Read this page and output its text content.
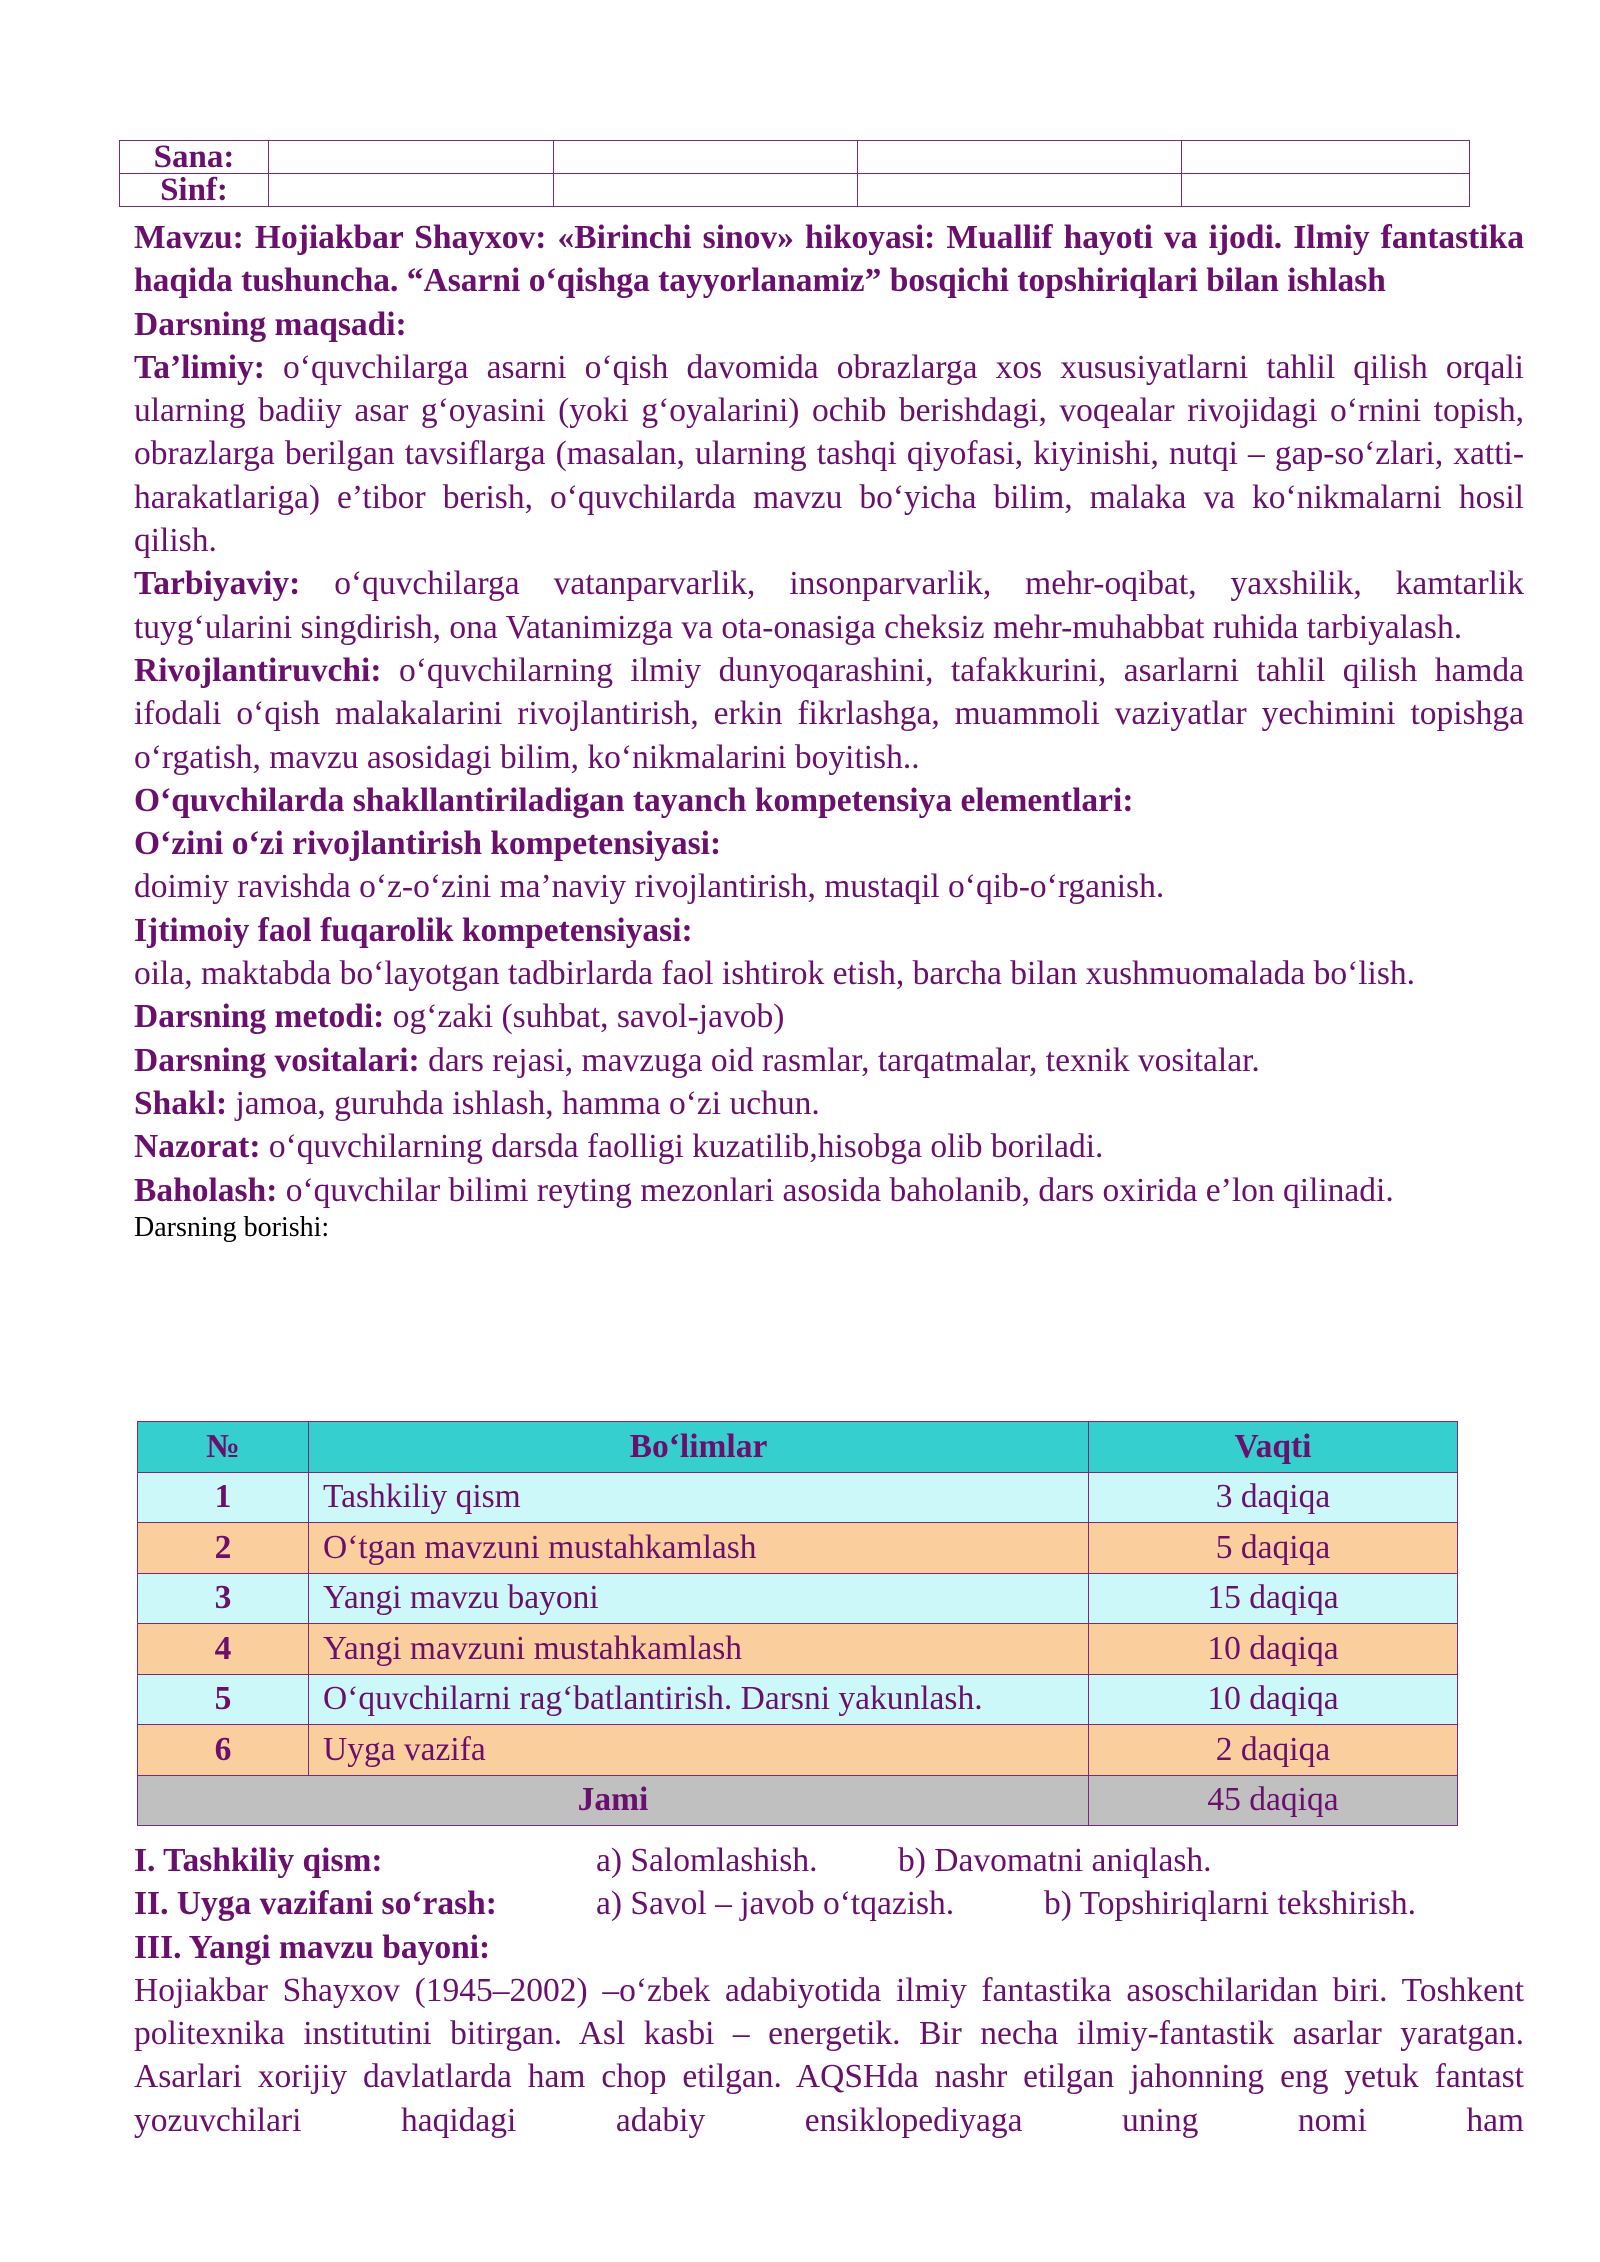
Sana:				
Sinf:				

Mavzu: Hojiakbar Shayxov: «Birinchi sinov» hikoyasi: Muallif hayoti va ijodi. Ilmiy fantastika haqida tushuncha. “Asarni oʻqishga tayyorlanamiz” bosqichi topshiriqlari bilan ishlash

Darsning maqsadi:

Ta’limiy: oʻquvchilarga asarni oʻqish davomida obrazlarga xos xususiyatlarni tahlil qilish orqali ularning badiiy asar gʻoyasini (yoki gʻoyalarini) ochib berishdagi, voqealar rivojidagi oʻrnini topish, obrazlarga berilgan tavsiflarga (masalan, ularning tashqi qiyofasi, kiyinishi, nutqi – gap-soʻzlari, xatti-harakatlariga) e’tibor berish, oʻquvchilarda mavzu boʻyicha bilim, malaka va koʻnikmalarni hosil qilish.

Tarbiyaviy: oʻquvchilarga vatanparvarlik, insonparvarlik, mehr-oqibat, yaxshilik, kamtarlik tuygʻularini singdirish, ona Vatanimizga va ota-onasiga cheksiz mehr-muhabbat ruhida tarbiyalash.

Rivojlantiruvchi: oʻquvchilarning ilmiy dunyoqarashini, tafakkurini, asarlarni tahlil qilish hamda ifodali oʻqish malakalarini rivojlantirish, erkin fikrlashga, muammoli vaziyatlar yechimini topishga oʻrgatish, mavzu asosidagi bilim, koʻnikmalarini boyitish..

Oʻquvchilarda shakllantiriladigan tayanch kompetensiya elementlari:

Oʻzini oʻzi rivojlantirish kompetensiyasi:

doimiy ravishda oʻz-oʻzini ma’naviy rivojlantirish, mustaqil oʻqib-oʻrganish.

Ijtimoiy faol fuqarolik kompetensiyasi:

oila, maktabda boʻlayotgan tadbirlarda faol ishtirok etish, barcha bilan xushmuomalada boʻlish.

Darsning metodi: ogʻzaki (suhbat, savol-javob)

Darsning vositalari: dars rejasi, mavzuga oid rasmlar, tarqatmalar, texnik vositalar.

Shakl: jamoa, guruhda ishlash, hamma oʻzi uchun.

Nazorat: oʻquvchilarning darsda faolligi kuzatilib,hisobga olib boriladi.

Baholash: oʻquvchilar bilimi reyting mezonlari asosida baholanib, dars oxirida e’lon qilinadi.

Darsning borishi:

№	Boʻlimlar	Vaqti
1	Tashkiliy qism	3 daqiqa
2	Oʻtgan mavzuni mustahkamlash	5 daqiqa
3	Yangi mavzu bayoni	15 daqiqa
4	Yangi mavzuni mustahkamlash	10 daqiqa
5	Oʻquvchilarni ragʻbatlantirish. Darsni yakunlash.	10 daqiqa
6	Uyga vazifa	2 daqiqa
Jami		45 daqiqa
I. Tashkiliy qism:	a) Salomlashish.	b) Davomatni aniqlash.
II. Uyga vazifani soʻrash:	a) Savol – javob oʻtqazish.	b) Topshiriqlarni tekshirish.

III. Yangi mavzu bayoni:

Hojiakbar Shayxov (1945–2002) –oʻzbek adabiyotida ilmiy fantastika asoschilaridan biri. Toshkent politexnika institutini bitirgan. Asl kasbi – energetik. Bir necha ilmiy-fantastik asarlar yaratgan. Asarlari xorijiy davlatlarda ham chop etilgan. AQSHda nashr etilgan jahonning eng yetuk fantast yozuvchilari haqidagi adabiy ensiklopediyaga uning nomi ham
